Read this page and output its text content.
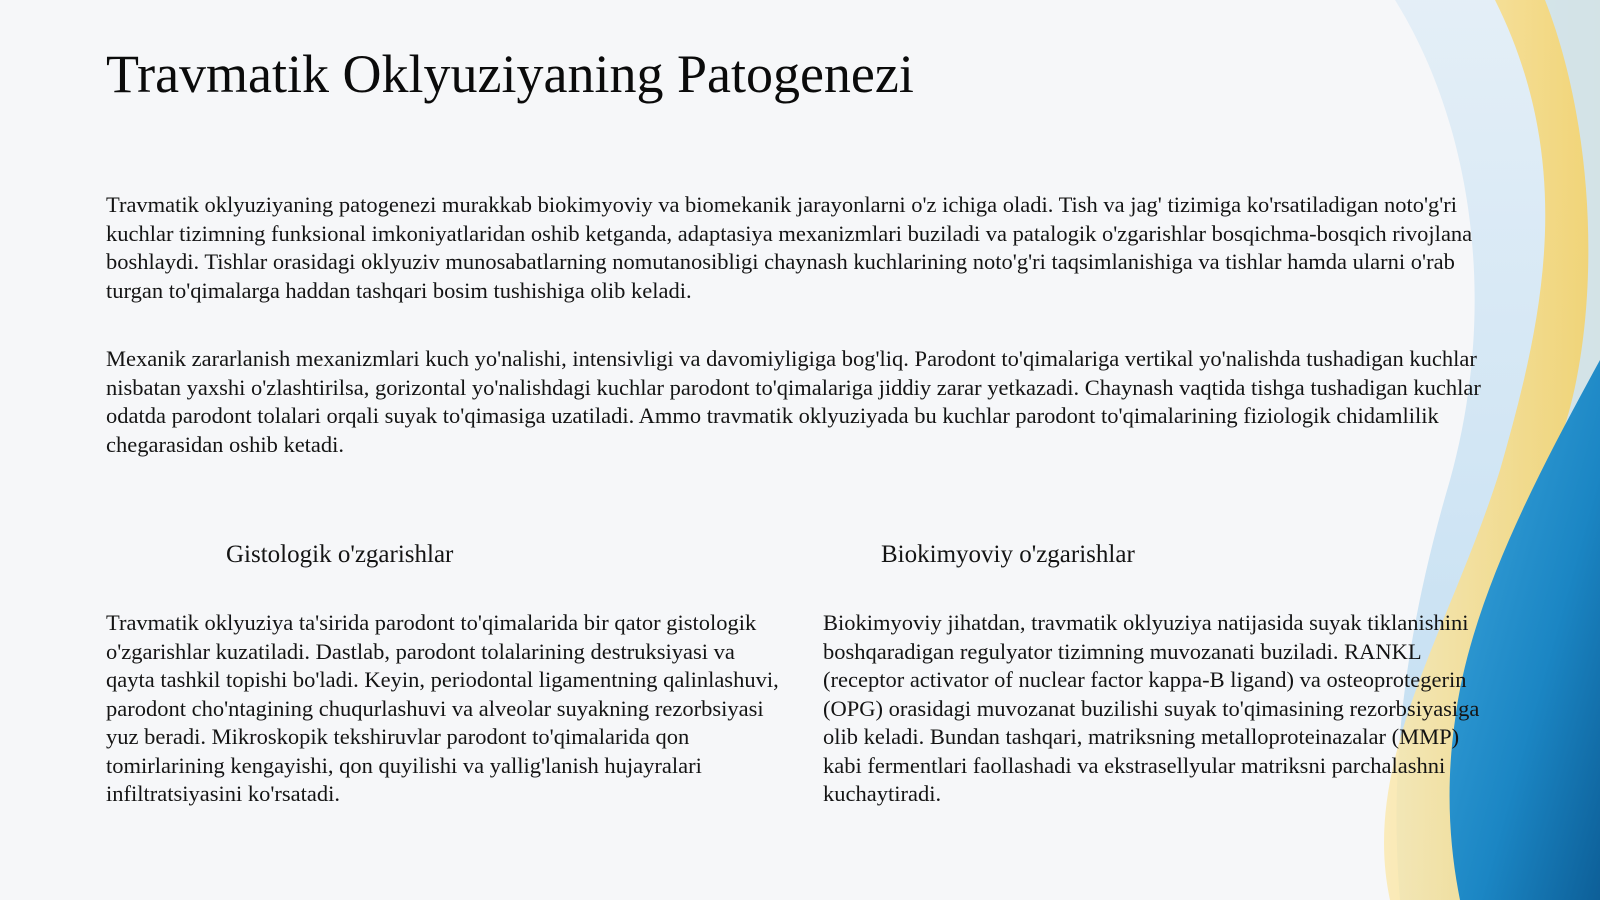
Travmatik Oklyuziyaning Patogenezi

Travmatik oklyuziyaning patogenezi murakkab biokimyoviy va biomekanik jarayonlarni o'z ichiga oladi. Tish va jag' tizimiga ko'rsatiladigan noto'g'ri kuchlar tizimning funksional imkoniyatlaridan oshib ketganda, adaptasiya mexanizmlari buziladi va patalogik o'zgarishlar bosqichma-bosqich rivojlana boshlaydi. Tishlar orasidagi oklyuziv munosabatlarning nomutanosibligi chaynash kuchlarining noto'g'ri taqsimlanishiga va tishlar hamda ularni o'rab turgan to'qimalarga haddan tashqari bosim tushishiga olib keladi.

Mexanik zararlanish mexanizmlari kuch yo'nalishi, intensivligi va davomiyligiga bog'liq. Parodont to'qimalariga vertikal yo'nalishda tushadigan kuchlar nisbatan yaxshi o'zlashtirilsa, gorizontal yo'nalishdagi kuchlar parodont to'qimalariga jiddiy zarar yetkazadi. Chaynash vaqtida tishga tushadigan kuchlar odatda parodont tolalari orqali suyak to'qimasiga uzatiladi. Ammo travmatik oklyuziyada bu kuchlar parodont to'qimalarining fiziologik chidamlilik chegarasidan oshib ketadi.

Gistologik o'zgarishlar	Biokimyoviy o'zgarishlar

Travmatik oklyuziya ta'sirida parodont to'qimalarida bir qator gistologik o'zgarishlar kuzatiladi. Dastlab, parodont tolalarining destruksiyasi va qayta tashkil topishi bo'ladi. Keyin, periodontal ligamentning qalinlashuvi, parodont cho'ntagining chuqurlashuvi va alveolar suyakning rezorbsiyasi yuz beradi. Mikroskopik tekshiruvlar parodont to'qimalarida qon tomirlarining kengayishi, qon quyilishi va yallig'lanish hujayralari infiltratsiyasini ko'rsatadi.

Biokimyoviy jihatdan, travmatik oklyuziya natijasida suyak tiklanishini boshqaradigan regulyator tizimning muvozanati buziladi. RANKL (receptor activator of nuclear factor kappa-B ligand) va osteoprotegerin (OPG) orasidagi muvozanat buzilishi suyak to'qimasining rezorbsiyasiga olib keladi. Bundan tashqari, matriksning metalloproteinazalar (MMP) kabi fermentlari faollashadi va ekstrasellyular matriksni parchalashni kuchaytiradi.
